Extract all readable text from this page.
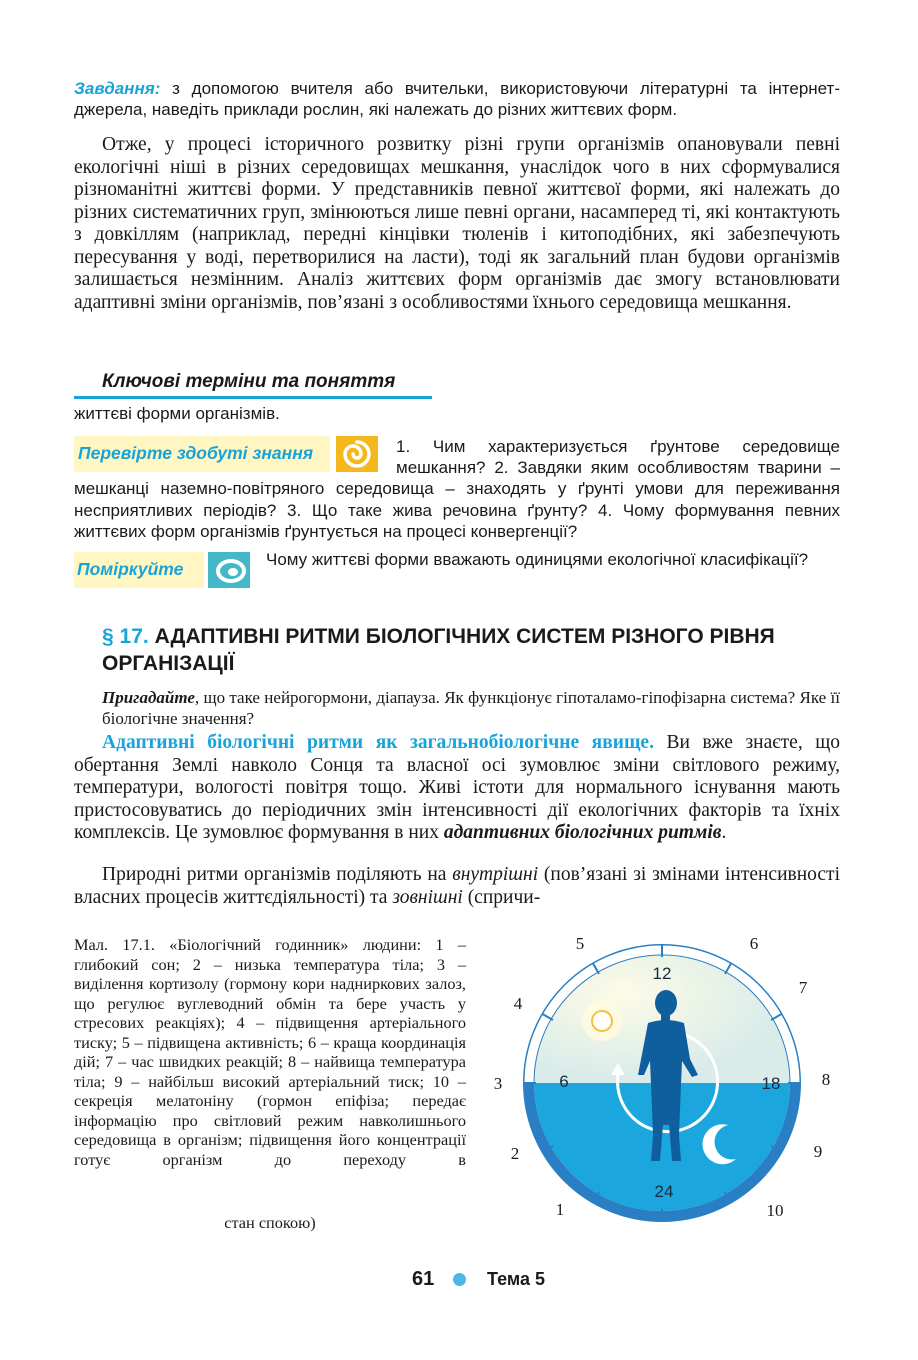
Завдання: з допомогою вчителя або вчительки, використовуючи літературні та інтернет-джерела, наведіть приклади рослин, які належать до різних життєвих форм.
Отже, у процесі історичного розвитку різні групи організмів опановували певні екологічні ніші в різних середовищах мешкання, унаслідок чого в них сформувалися різноманітні життєві форми. У представників певної життєвої форми, які належать до різних систематичних груп, змінюються лише певні органи, насамперед ті, які контактують з довкіллям (наприклад, передні кінцівки тюленів і китоподібних, які забезпечують пересування у воді, перетворилися на ласти), тоді як загальний план будови організмів залишається незмінним. Аналіз життєвих форм організмів дає змогу встановлювати адаптивні зміни організмів, пов’язані з особливостями їхнього середовища мешкання.
Ключові терміни та поняття
життєві форми організмів.
Перевірте здобуті знання	1. Чим характеризується ґрунтове середовище мешкання? 2. Завдяки яким особливостям тварини – мешканці наземно-повітряного середовища – знаходять у ґрунті умови для переживання несприятливих періодів? 3. Що таке жива речовина ґрунту? 4. Чому формування певних життєвих форм організмів ґрунтується на процесі конвергенції?
Поміркуйте	Чому життєві форми вважають одиницями екологічної класифікації?
§ 17. АДАПТИВНІ РИТМИ БІОЛОГІЧНИХ СИСТЕМ РІЗНОГО РІВНЯ ОРГАНІЗАЦІЇ
Пригадайте, що таке нейрогормони, діапауза. Як функціонує гіпоталамо-гіпофізарна система? Яке її біологічне значення?
Адаптивні біологічні ритми як загальнобіологічне явище. Ви вже знаєте, що обертання Землі навколо Сонця та власної осі зумовлює зміни світлового режиму, температури, вологості повітря тощо. Живі істоти для нормального існування мають пристосовуватись до періодичних змін інтенсивності дії екологічних факторів та їхніх комплексів. Це зумовлює формування в них адаптивних біологічних ритмів.
Природні ритми організмів поділяють на внутрішні (пов’язані зі змінами інтенсивності власних процесів життєдіяльності) та зовнішні (спричи-
Мал. 17.1. «Біологічний годинник» людини: 1 – глибокий сон; 2 – низька температура тіла; 3 – виділення кортизолу (гормону кори надниркових залоз, що регулює вуглеводний обмін та бере участь у стресових реакціях); 4 – підвищення артеріального тиску; 5 – підвищена активність; 6 – краща координація дій; 7 – час швидких реакцій; 8 – найвища температура тіла; 9 – найбільш високий артеріальний тиск; 10 – секреція мелатоніну (гормон епіфіза; передає інформацію про світловий режим навколишнього середовища в організм; підвищення його концентрації готує організм до переходу в
стан спокою)
12
6	18
24
1
2
3
4
5	6
7
8
9
10
61	Тема 5
